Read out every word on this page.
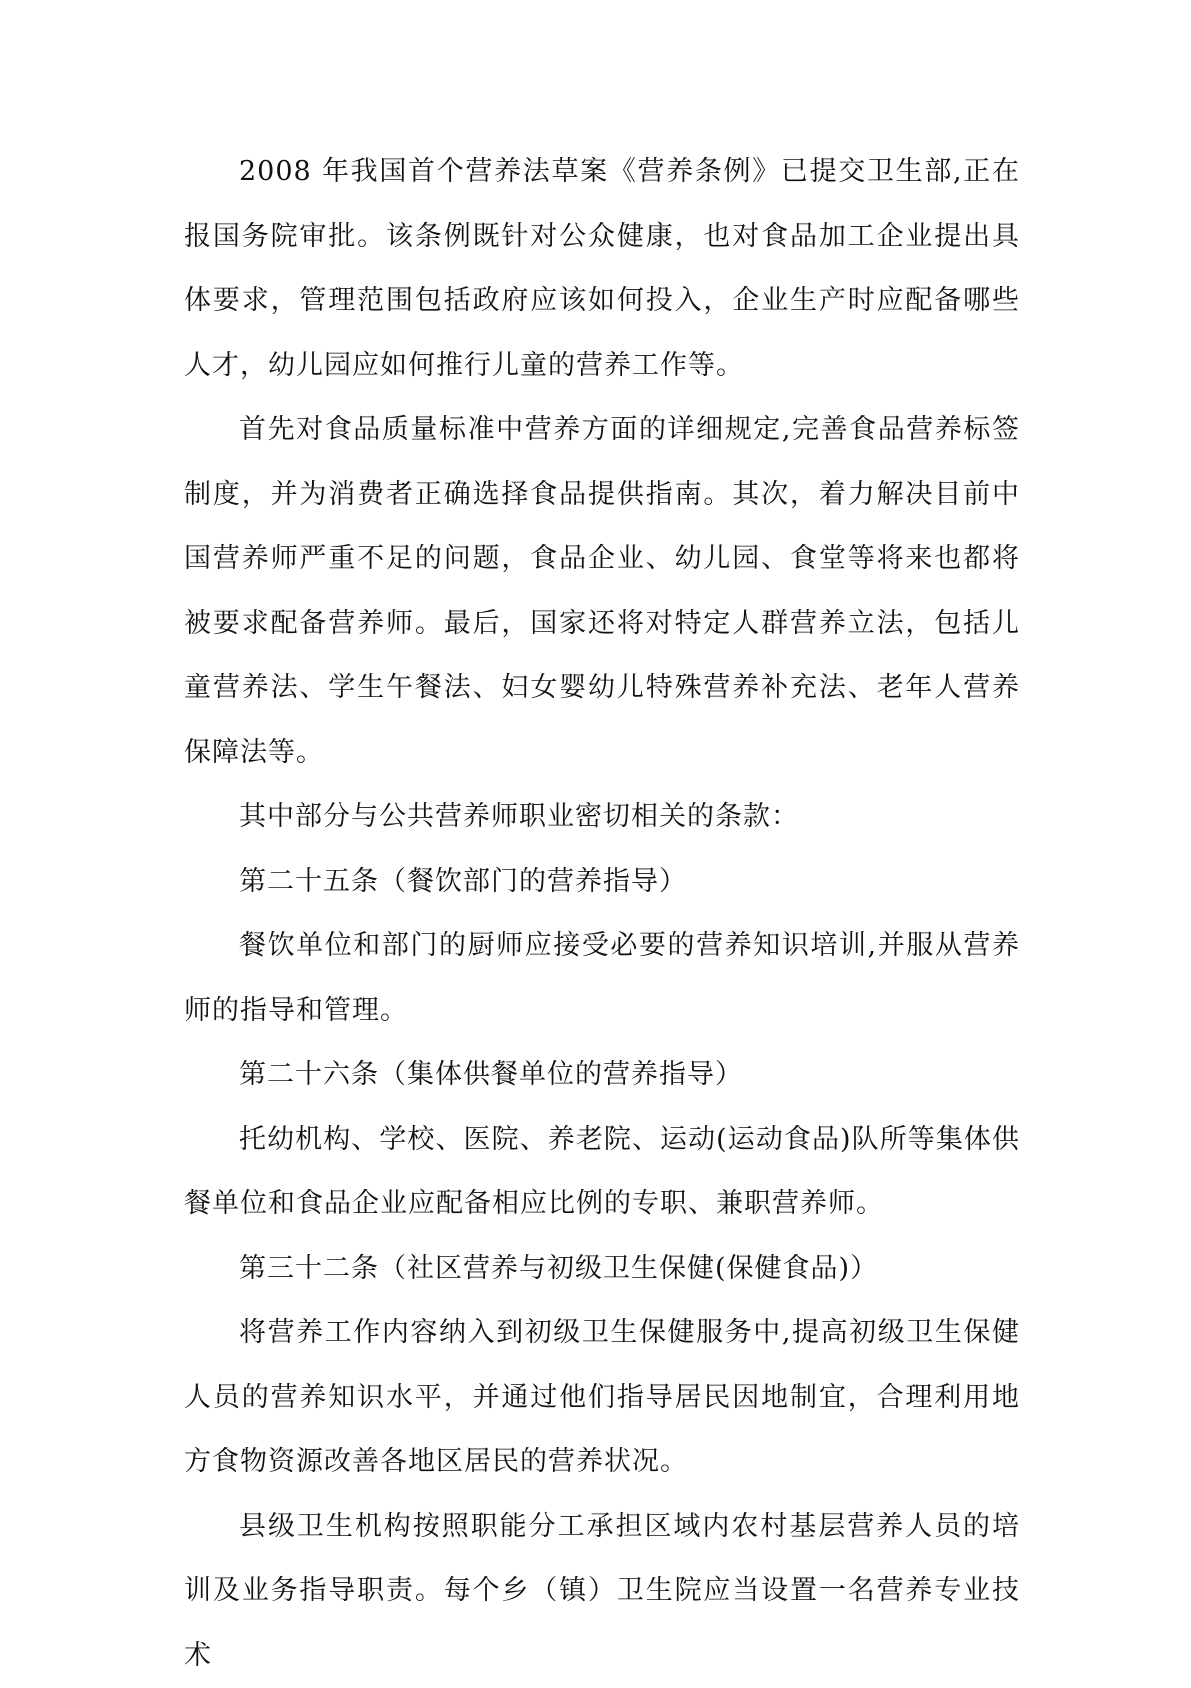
2008 年我国首个营养法草案《营养条例》已提交卫生部,正在报国务院审批。该条例既针对公众健康，也对食品加工企业提出具体要求，管理范围包括政府应该如何投入，企业生产时应配备哪些人才，幼儿园应如何推行儿童的营养工作等。

首先对食品质量标准中营养方面的详细规定,完善食品营养标签制度，并为消费者正确选择食品提供指南。其次，着力解决目前中国营养师严重不足的问题，食品企业、幼儿园、食堂等将来也都将被要求配备营养师。最后，国家还将对特定人群营养立法，包括儿童营养法、学生午餐法、妇女婴幼儿特殊营养补充法、老年人营养保障法等。

其中部分与公共营养师职业密切相关的条款：

第二十五条（餐饮部门的营养指导）

餐饮单位和部门的厨师应接受必要的营养知识培训,并服从营养师的指导和管理。

第二十六条（集体供餐单位的营养指导）

托幼机构、学校、医院、养老院、运动(运动食品)队所等集体供餐单位和食品企业应配备相应比例的专职、兼职营养师。

第三十二条（社区营养与初级卫生保健(保健食品)）

将营养工作内容纳入到初级卫生保健服务中,提高初级卫生保健人员的营养知识水平，并通过他们指导居民因地制宜，合理利用地方食物资源改善各地区居民的营养状况。

县级卫生机构按照职能分工承担区域内农村基层营养人员的培训及业务指导职责。每个乡（镇）卫生院应当设置一名营养专业技术
